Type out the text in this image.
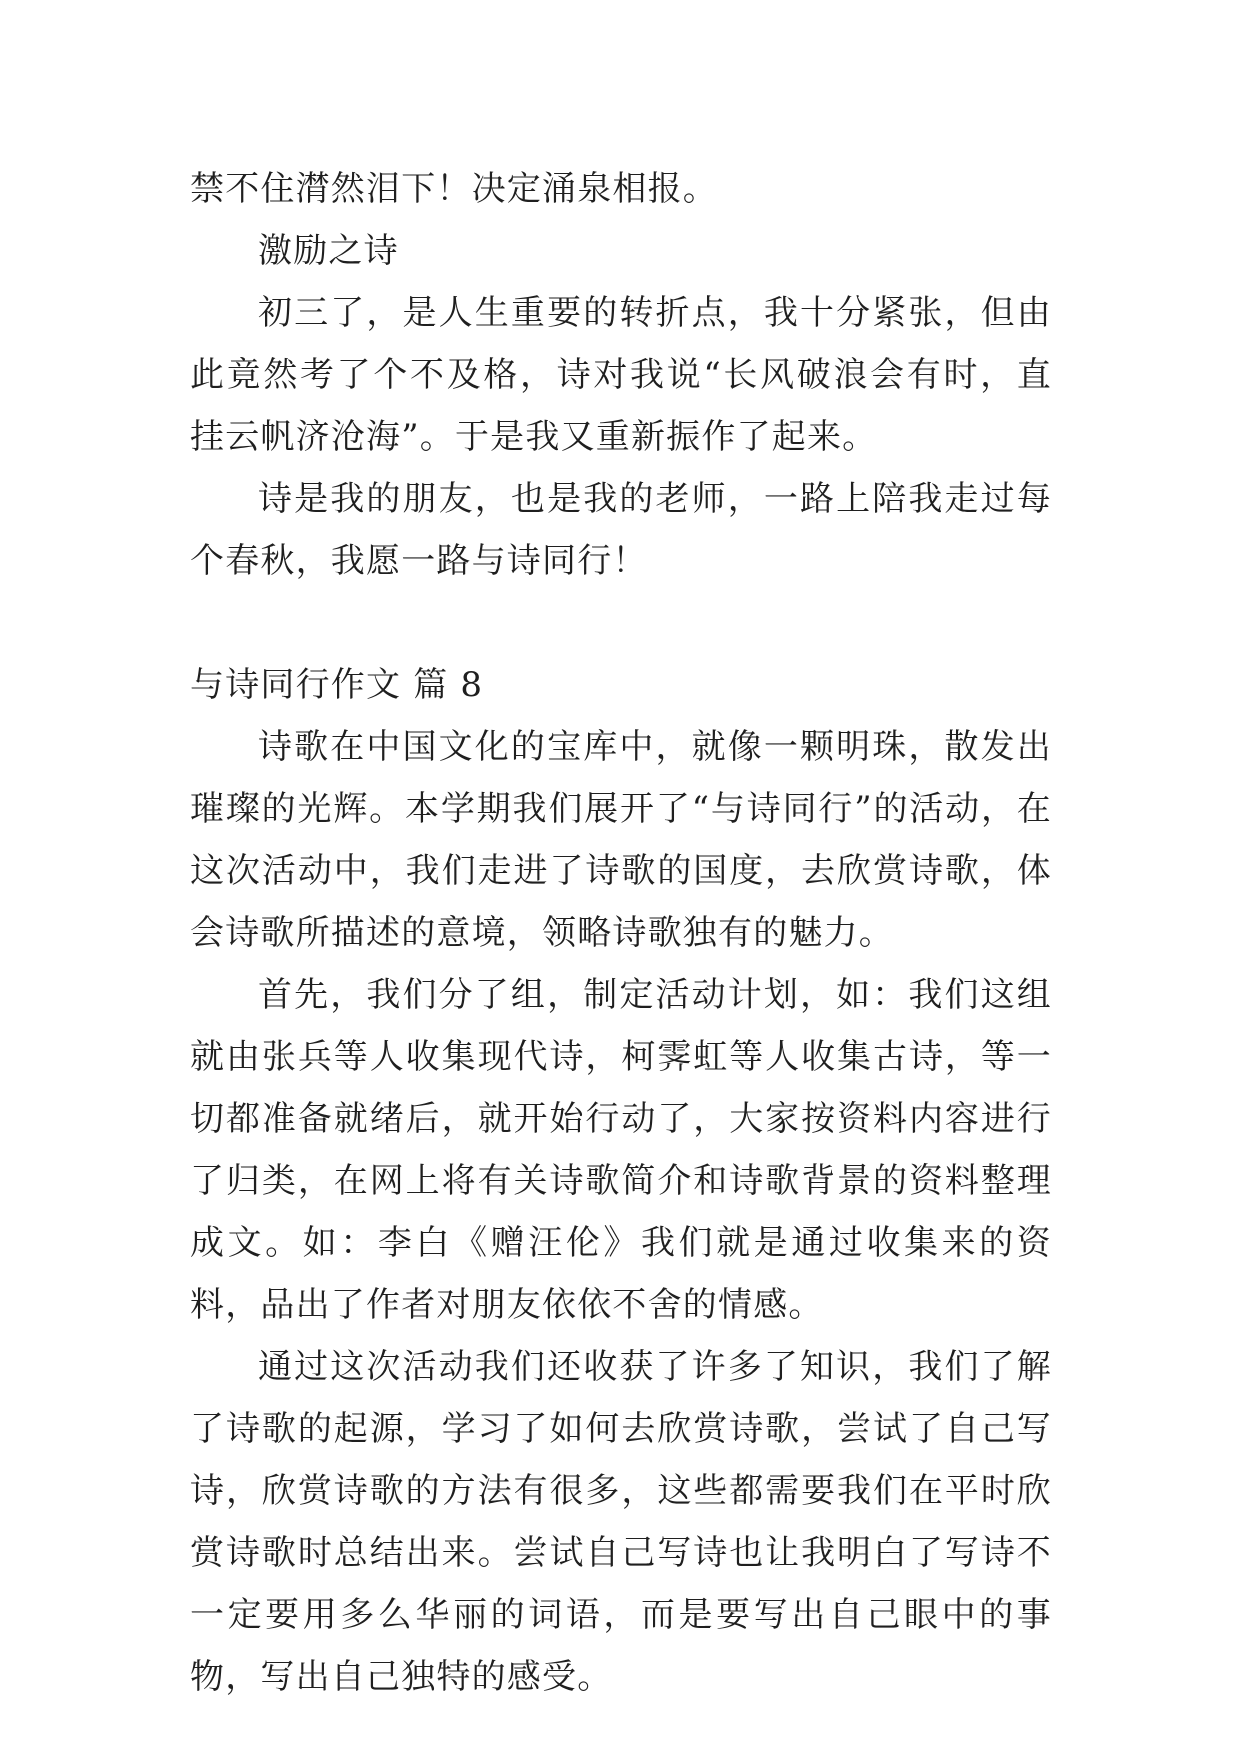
禁不住潸然泪下！决定涌泉相报。

激励之诗

初三了，是人生重要的转折点，我十分紧张，但由此竟然考了个不及格，诗对我说“长风破浪会有时，直挂云帆济沧海”。于是我又重新振作了起来。

诗是我的朋友，也是我的老师，一路上陪我走过每个春秋，我愿一路与诗同行！

与诗同行作文 篇 8

诗歌在中国文化的宝库中，就像一颗明珠，散发出璀璨的光辉。本学期我们展开了“与诗同行”的活动，在这次活动中，我们走进了诗歌的国度，去欣赏诗歌，体会诗歌所描述的意境，领略诗歌独有的魅力。

首先，我们分了组，制定活动计划，如：我们这组就由张兵等人收集现代诗，柯霁虹等人收集古诗，等一切都准备就绪后，就开始行动了，大家按资料内容进行了归类，在网上将有关诗歌简介和诗歌背景的资料整理成文。如：李白《赠汪伦》我们就是通过收集来的资料，品出了作者对朋友依依不舍的情感。

通过这次活动我们还收获了许多了知识，我们了解了诗歌的起源，学习了如何去欣赏诗歌，尝试了自己写诗，欣赏诗歌的方法有很多，这些都需要我们在平时欣赏诗歌时总结出来。尝试自己写诗也让我明白了写诗不一定要用多么华丽的词语，而是要写出自己眼中的事物，写出自己独特的感受。
